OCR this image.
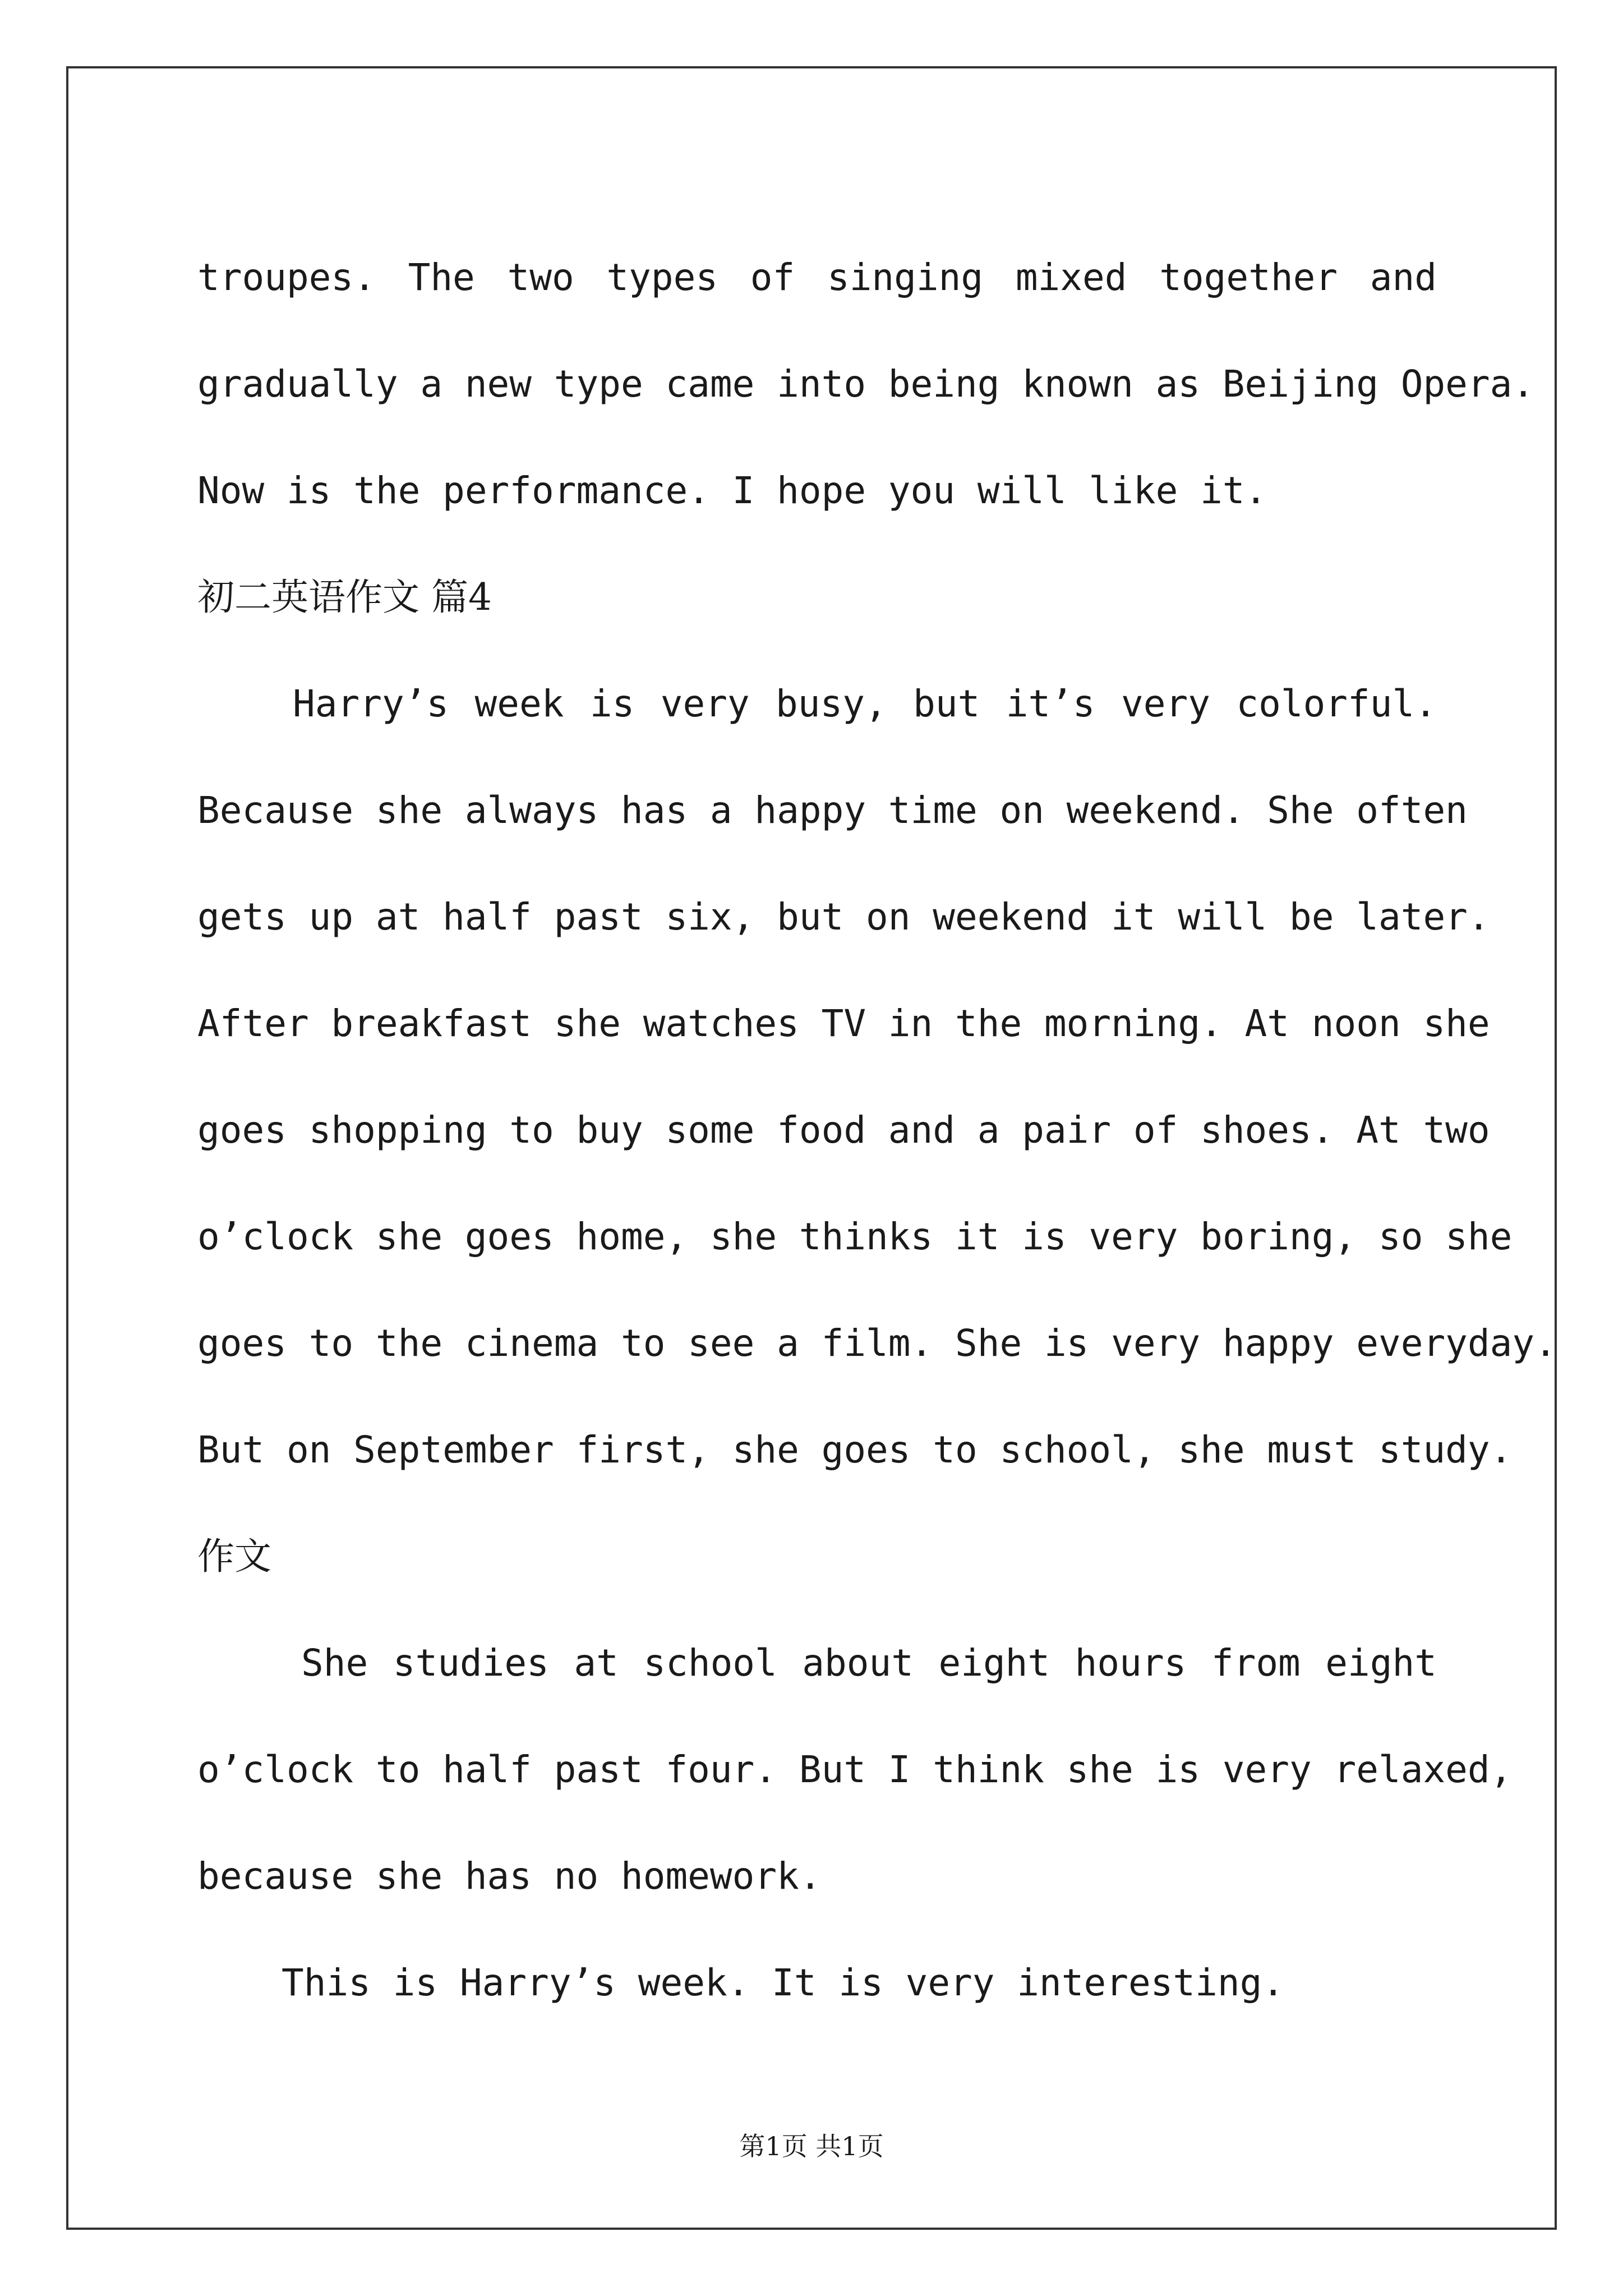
troupes. The two types of singing mixed together and

gradually a new type came into being known as Beijing Opera.

Now is the performance. I hope you will like it.

初二英语作文 篇4

Harry’s week is very busy, but it’s very colorful.

Because she always has a happy time on weekend. She often

gets up at half past six, but on weekend it will be later.

After breakfast she watches TV in the morning. At noon she

goes shopping to buy some food and a pair of shoes. At two

o’clock she goes home, she thinks it is very boring, so she

goes to the cinema to see a film. She is very happy everyday.

But on September first, she goes to school, she must study.

作文

She studies at school about eight hours from eight

o’clock to half past four. But I think she is very relaxed,

because she has no homework.

This is Harry’s week. It is very interesting.

第1页 共1页
